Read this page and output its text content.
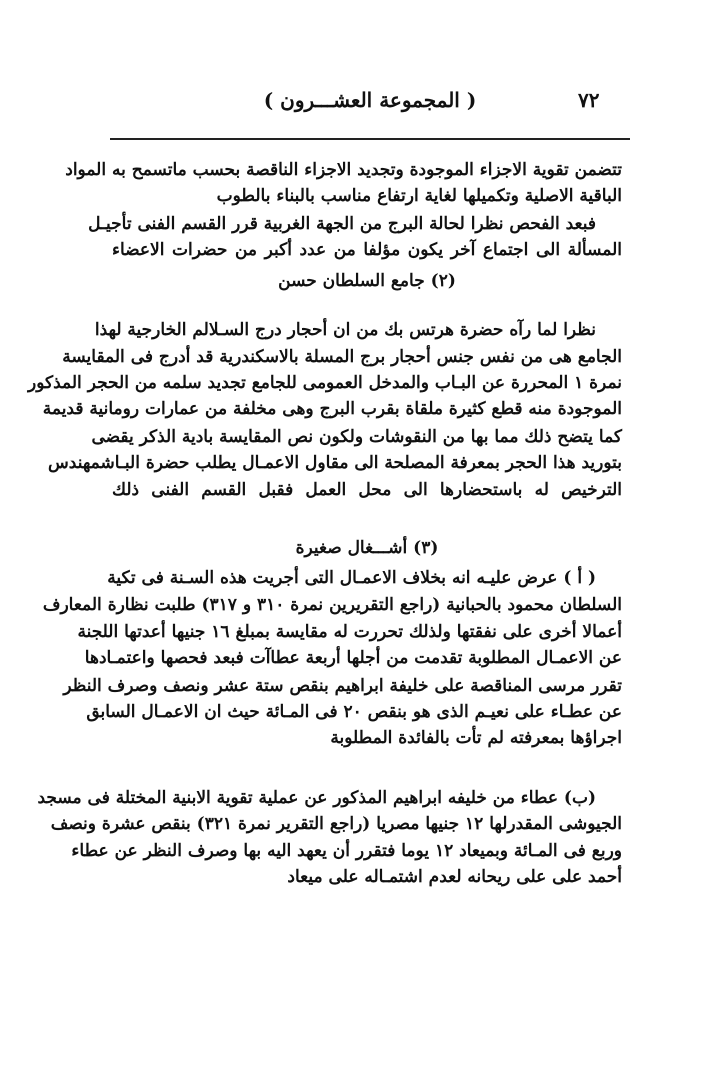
٧٢
( المجموعة العشـــرون )
تتضمن تقوية الاجزاء الموجودة وتجديد الاجزاء الناقصة بحسب ماتسمح به المواد
الباقية الاصلية وتكميلها لغاية ارتفاع مناسب بالبناء بالطوب
فبعد الفحص نظرا لحالة البرج من الجهة الغربية قرر القسم الفنى تأجيـل
المسألة الى اجتماع آخر يكون مؤلفا من عدد أكبر من حضرات الاعضاء
(٢) جامع السلطان حسن
نظرا لما رآه حضرة هرتس بك من ان أحجار درج السـلالم الخارجية لهذا
الجامع هى من نفس جنس أحجار برج المسلة بالاسكندرية قد أدرج فى المقايسة
نمرة ١ المحررة عن البـاب والمدخل العمومى للجامع تجديد سلمه من الحجر المذكور
الموجودة منه قطع كثيرة ملقاة بقرب البرج وهى مخلفة من عمارات رومانية قديمة
كما يتضح ذلك مما بها من النقوشات ولكون نص المقايسة بادية الذكر يقضى
بتوريد هذا الحجر بمعرفة المصلحة الى مقاول الاعمـال يطلب حضرة البـاشمهندس
الترخيص له باستحضارها الى محل العمل فقبل القسم الفنى ذلك
(٣) أشـــغال صغيرة
( أ ) عرض عليـه انه بخلاف الاعمـال التى أجريت هذه السـنة فى تكية
السلطان محمود بالحبانية (راجع التقريرين نمرة ٣١٠ و ٣١٧) طلبت نظارة المعارف
أعمالا أخرى على نفقتها ولذلك تحررت له مقايسة بمبلغ ١٦ جنيها أعدتها اللجنة
عن الاعمـال المطلوبة تقدمت من أجلها أربعة عطاآت فبعد فحصها واعتمـادها
تقرر مرسى المناقصة على خليفة ابراهيم بنقص ستة عشر ونصف وصرف النظر
عن عطـاء على نعيـم الذى هو بنقص ٢٠ فى المـائة حيث ان الاعمـال السابق
اجراؤها بمعرفته لم تأت بالفائدة المطلوبة
(ب) عطاء من خليفه ابراهيم المذكور عن عملية تقوية الابنية المختلة فى مسجد
الجيوشى المقدرلها ١٢ جنيها مصريا (راجع التقرير نمرة ٣٢١) بنقص عشرة ونصف
وربع فى المـائة وبميعاد ١٢ يوما فتقرر أن يعهد اليه بها وصرف النظر عن عطاء
أحمد على على ريحانه لعدم اشتمـاله على ميعاد
